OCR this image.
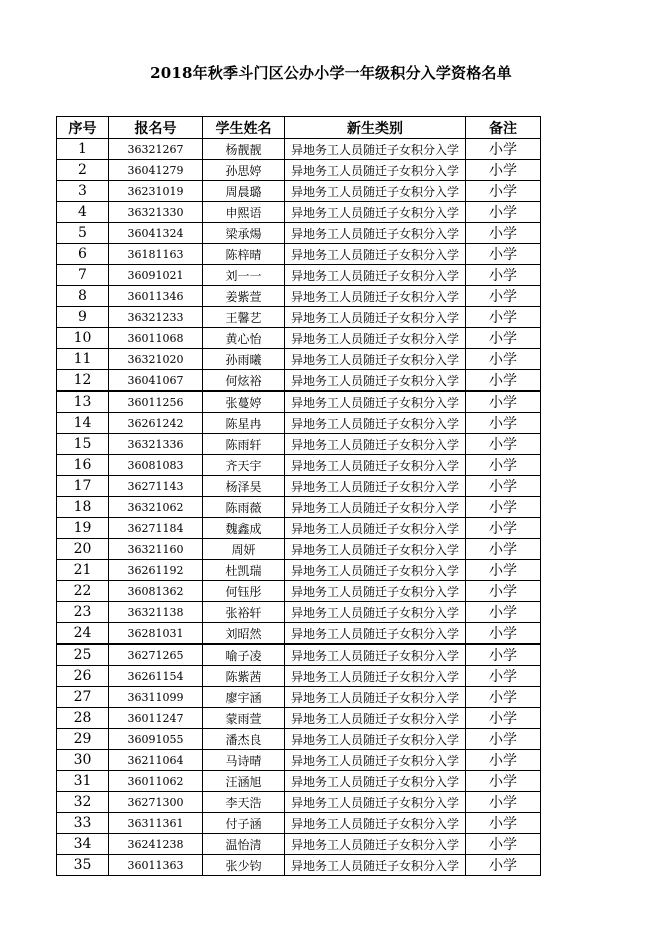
2018年秋季斗门区公办小学一年级积分入学资格名单
序号	报名号	学生姓名	新生类别	备注
1	36321267	杨靓靓	异地务工人员随迁子女积分入学	小学
2	36041279	孙思婷	异地务工人员随迁子女积分入学	小学
3	36231019	周晨璐	异地务工人员随迁子女积分入学	小学
4	36321330	申熙语	异地务工人员随迁子女积分入学	小学
5	36041324	梁承煬	异地务工人员随迁子女积分入学	小学
6	36181163	陈梓晴	异地务工人员随迁子女积分入学	小学
7	36091021	刘一一	异地务工人员随迁子女积分入学	小学
8	36011346	姜紫萱	异地务工人员随迁子女积分入学	小学
9	36321233	王馨艺	异地务工人员随迁子女积分入学	小学
10	36011068	黄心怡	异地务工人员随迁子女积分入学	小学
11	36321020	孙雨曦	异地务工人员随迁子女积分入学	小学
12	36041067	何炫裕	异地务工人员随迁子女积分入学	小学
13	36011256	张蔓婷	异地务工人员随迁子女积分入学	小学
14	36261242	陈星冉	异地务工人员随迁子女积分入学	小学
15	36321336	陈雨轩	异地务工人员随迁子女积分入学	小学
16	36081083	齐天宇	异地务工人员随迁子女积分入学	小学
17	36271143	杨泽昊	异地务工人员随迁子女积分入学	小学
18	36321062	陈雨薇	异地务工人员随迁子女积分入学	小学
19	36271184	魏鑫成	异地务工人员随迁子女积分入学	小学
20	36321160	周妍	异地务工人员随迁子女积分入学	小学
21	36261192	杜凯瑞	异地务工人员随迁子女积分入学	小学
22	36081362	何钰彤	异地务工人员随迁子女积分入学	小学
23	36321138	张裕轩	异地务工人员随迁子女积分入学	小学
24	36281031	刘昭然	异地务工人员随迁子女积分入学	小学
25	36271265	喻子凌	异地务工人员随迁子女积分入学	小学
26	36261154	陈紫茜	异地务工人员随迁子女积分入学	小学
27	36311099	廖宇涵	异地务工人员随迁子女积分入学	小学
28	36011247	蒙雨萱	异地务工人员随迁子女积分入学	小学
29	36091055	潘杰良	异地务工人员随迁子女积分入学	小学
30	36211064	马诗晴	异地务工人员随迁子女积分入学	小学
31	36011062	汪涵旭	异地务工人员随迁子女积分入学	小学
32	36271300	李天浩	异地务工人员随迁子女积分入学	小学
33	36311361	付子涵	异地务工人员随迁子女积分入学	小学
34	36241238	温怡清	异地务工人员随迁子女积分入学	小学
35	36011363	张少钧	异地务工人员随迁子女积分入学	小学
